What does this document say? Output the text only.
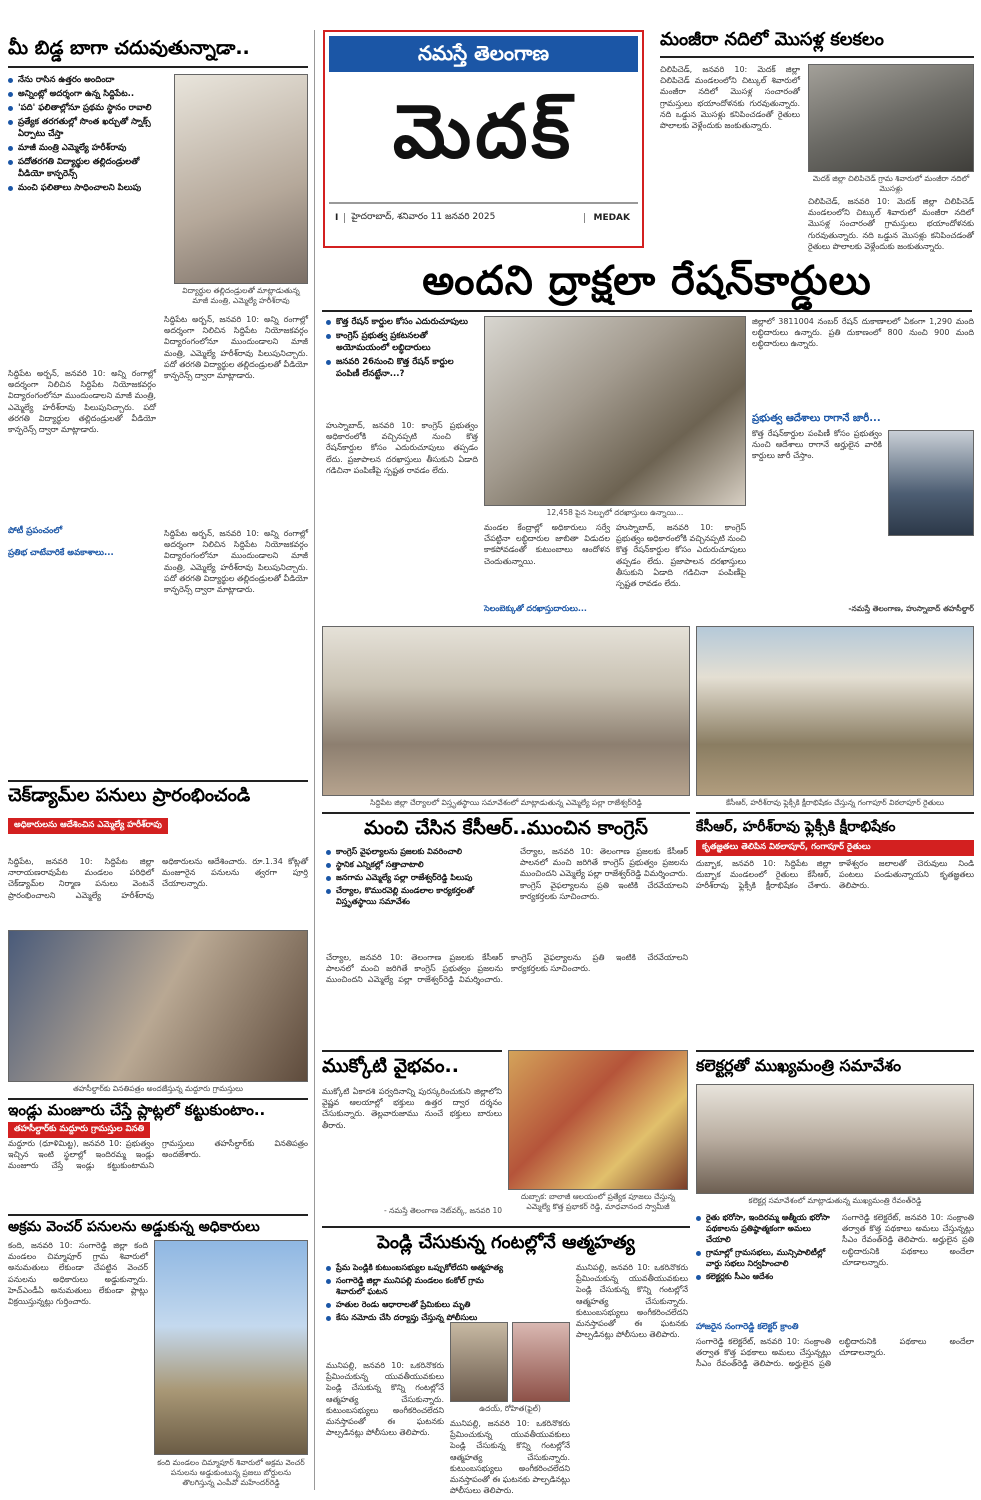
నమస్తే తెలంగాణ
మెదక్
I	హైదరాబాద్, శనివారం 11 జనవరి 2025	MEDAK
మీ బిడ్డ బాగా చదువుతున్నాడా..
నేను రాసిన ఉత్తరం అందిందా
అన్నింట్లో అదర్శంగా ఉన్న సిద్దిపేట..
'పది' ఫలితాల్లోనూ ప్రథమ స్థానం రావాలి
ప్రత్యేక తరగతుల్లో సొంత ఖర్చుతో స్నాక్స్ ఏర్పాటు చేస్తా
మాజీ మంత్రి ఎమ్మెల్యే హరీశ్‌రావు
పదోతరగతి విద్యార్థుల తల్లిదండ్రులతో వీడియో కాన్ఫరెన్స్
మంచి ఫలితాలు సాధించాలని పిలుపు
విద్యార్థుల తల్లిదండ్రులతో మాట్లాడుతున్న మాజీ మంత్రి, ఎమ్మెల్యే హరీశ్‌రావు
సిద్దిపేట అర్బన్, జనవరి 10: అన్ని రంగాల్లో అదర్శంగా నిలిచిన సిద్దిపేట నియోజకవర్గం విద్యారంగంలోనూ ముందుండాలని మాజీ మంత్రి, ఎమ్మెల్యే హరీశ్‌రావు పిలుపునిచ్చారు. పదో తరగతి విద్యార్థుల తల్లిదండ్రులతో వీడియో కాన్ఫరెన్స్ ద్వారా మాట్లాడారు.
పోటీ ప్రపంచంలో
ప్రతిభ చాటేవారికే అవకాశాలు...
సిద్దిపేట అర్బన్, జనవరి 10: అన్ని రంగాల్లో అదర్శంగా నిలిచిన సిద్దిపేట నియోజకవర్గం విద్యారంగంలోనూ ముందుండాలని మాజీ మంత్రి, ఎమ్మెల్యే హరీశ్‌రావు పిలుపునిచ్చారు. పదో తరగతి విద్యార్థుల తల్లిదండ్రులతో వీడియో కాన్ఫరెన్స్ ద్వారా మాట్లాడారు.
సిద్దిపేట అర్బన్, జనవరి 10: అన్ని రంగాల్లో అదర్శంగా నిలిచిన సిద్దిపేట నియోజకవర్గం విద్యారంగంలోనూ ముందుండాలని మాజీ మంత్రి, ఎమ్మెల్యే హరీశ్‌రావు పిలుపునిచ్చారు. పదో తరగతి విద్యార్థుల తల్లిదండ్రులతో వీడియో కాన్ఫరెన్స్ ద్వారా మాట్లాడారు.
చెక్‌డ్యామ్‌ల పనులు ప్రారంభించండి
అధికారులను ఆదేశించిన ఎమ్మెల్యే హరీశ్‌రావు
సిద్దిపేట, జనవరి 10: సిద్దిపేట జిల్లా నారాయణరావుపేట మండలం పరిధిలో చెక్‌డ్యామ్‌ల నిర్మాణ పనులు వెంటనే ప్రారంభించాలని ఎమ్మెల్యే హరీశ్‌రావు అధికారులను ఆదేశించారు. రూ.1.34 కోట్లతో మంజూరైన పనులను త్వరగా పూర్తి చేయాలన్నారు.
తహసీల్దార్‌కు వినతిపత్రం అందజేస్తున్న మద్దూరు గ్రామస్తులు
ఇండ్లు మంజూరు చేస్తే ప్లాట్లలో కట్టుకుంటాం..
తహసీల్దార్‌కు మద్దూరు గ్రామస్తుల వినతి
మద్దూరు (ధూళిమిట్ట), జనవరి 10: ప్రభుత్వం ఇచ్చిన ఇంటి స్థలాల్లో ఇందిరమ్మ ఇండ్లు మంజూరు చేస్తే ఇండ్లు కట్టుకుంటామని గ్రామస్తులు తహసీల్దార్‌కు వినతిపత్రం అందజేశారు.
అక్రమ వెంచర్ పనులను అడ్డుకున్న అధికారులు
కంది, జనవరి 10: సంగారెడ్డి జిల్లా కంది మండలం చిమ్మాపూర్ గ్రామ శివారులో అనుమతులు లేకుండా చేపట్టిన వెంచర్ పనులను అధికారులు అడ్డుకున్నారు. హెచ్ఎండీఏ అనుమతులు లేకుండా ప్లాట్లు విక్రయిస్తున్నట్లు గుర్తించారు.
కంది మండలం చిమ్మాపూర్ శివారులో అక్రమ వెంచర్ పనులను అడ్డుకుంటున్న ప్రజలు బోర్డులను తొలగిస్తున్న ఎంపీవో మహేందర్‌రెడ్డి
అందని ద్రాక్షలా రేషన్‌కార్డులు
కొత్త రేషన్ కార్డుల కోసం ఎదురుచూపులు
కాంగ్రెస్ ప్రభుత్వ ప్రకటనలతో అయోమయంలో లబ్ధిదారులు
జనవరి 26నుంచి కొత్త రేషన్ కార్డుల పంపిణీ లేనట్టేనా...?
హుస్నాబాద్, జనవరి 10: కాంగ్రెస్ ప్రభుత్వం అధికారంలోకి వచ్చినప్పటి నుంచి కొత్త రేషన్‌కార్డుల కోసం ఎదురుచూపులు తప్పడం లేదు. ప్రజాపాలన దరఖాస్తులు తీసుకుని ఏడాది గడిచినా పంపిణీపై స్పష్టత రావడం లేదు.
12,458 పైన సెల్ఫులో దరఖాస్తులు ఉన్నాయి...
మండల కేంద్రాల్లో అధికారులు సర్వే చేపట్టినా లబ్ధిదారుల జాబితా విడుదల కాకపోవడంతో కుటుంబాలు ఆందోళన చెందుతున్నాయి.
సెలంబెక్కుతో దరఖాస్తుదారులు...
హుస్నాబాద్, జనవరి 10: కాంగ్రెస్ ప్రభుత్వం అధికారంలోకి వచ్చినప్పటి నుంచి కొత్త రేషన్‌కార్డుల కోసం ఎదురుచూపులు తప్పడం లేదు. ప్రజాపాలన దరఖాస్తులు తీసుకుని ఏడాది గడిచినా పంపిణీపై స్పష్టత రావడం లేదు.
జిల్లాలో 3811004 నంబర్ రేషన్ దుకాణాలలో ఏకంగా 1,290 మంది లబ్ధిదారులు ఉన్నారు. ప్రతి దుకాణంలో 800 నుంచి 900 మంది లబ్ధిదారులు ఉన్నారు.
ప్రభుత్వ ఆదేశాలు రాగానే జారీ...
కొత్త రేషన్‌కార్డుల పంపిణీ కోసం ప్రభుత్వం నుంచి ఆదేశాలు రాగానే అర్హులైన వారికి కార్డులు జారీ చేస్తాం.
-నమస్తే తెలంగాణ, హుస్నాబాద్ తహసీల్దార్
మంజీరా నదిలో మొసళ్ల కలకలం
చిలిపిచెడ్, జనవరి 10: మెదక్ జిల్లా చిలిపిచెడ్ మండలంలోని చిట్కుల్ శివారులో మంజీరా నదిలో మొసళ్ల సంచారంతో గ్రామస్తులు భయాందోళనకు గురవుతున్నారు. నది ఒడ్డున మొసళ్లు కనిపించడంతో రైతులు పొలాలకు వెళ్లేందుకు జంకుతున్నారు.
మెదక్ జిల్లా చిలిపిచెడ్ గ్రామ శివారులో మంజీరా నదిలో మొసళ్లు
చిలిపిచెడ్, జనవరి 10: మెదక్ జిల్లా చిలిపిచెడ్ మండలంలోని చిట్కుల్ శివారులో మంజీరా నదిలో మొసళ్ల సంచారంతో గ్రామస్తులు భయాందోళనకు గురవుతున్నారు. నది ఒడ్డున మొసళ్లు కనిపించడంతో రైతులు పొలాలకు వెళ్లేందుకు జంకుతున్నారు.
సిద్దిపేట జిల్లా చేర్యాలలో విస్తృతస్థాయి సమావేశంలో మాట్లాడుతున్న ఎమ్మెల్యే పల్లా రాజేశ్వర్‌రెడ్డి	కేసీఆర్, హరీశ్‌రావు ఫ్లెక్సీకి క్షీరాభిషేకం చేస్తున్న గంగాపూర్ విఠలాపూర్ రైతులు
మంచి చేసిన కేసీఆర్..ముంచిన కాంగ్రెస్
కాంగ్రెస్ వైఫల్యాలను ప్రజలకు వివరించాలి
స్థానిక ఎన్నికల్లో సత్తాచాటాలి
జనగామ ఎమ్మెల్యే పల్లా రాజేశ్వర్‌రెడ్డి పిలుపు
చేర్యాల, కొమురవెల్లి మండలాల కార్యకర్తలతో విస్తృతస్థాయి సమావేశం
చేర్యాల, జనవరి 10: తెలంగాణ ప్రజలకు కేసీఆర్ పాలనలో మంచి జరిగితే కాంగ్రెస్ ప్రభుత్వం ప్రజలను ముంచిందని ఎమ్మెల్యే పల్లా రాజేశ్వర్‌రెడ్డి విమర్శించారు. కాంగ్రెస్ వైఫల్యాలను ప్రతి ఇంటికి చేరవేయాలని కార్యకర్తలకు సూచించారు.
చేర్యాల, జనవరి 10: తెలంగాణ ప్రజలకు కేసీఆర్ పాలనలో మంచి జరిగితే కాంగ్రెస్ ప్రభుత్వం ప్రజలను ముంచిందని ఎమ్మెల్యే పల్లా రాజేశ్వర్‌రెడ్డి విమర్శించారు. కాంగ్రెస్ వైఫల్యాలను ప్రతి ఇంటికి చేరవేయాలని కార్యకర్తలకు సూచించారు.
కేసీఆర్, హరీశ్‌రావు ఫ్లెక్సీకి క్షీరాభిషేకం
కృతజ్ఞతలు తెలిపిన విఠలాపూర్, గంగాపూర్ రైతులు
దుబ్బాక, జనవరి 10: సిద్దిపేట జిల్లా దుబ్బాక మండలంలో రైతులు కేసీఆర్, హరీశ్‌రావు ఫ్లెక్సీకి క్షీరాభిషేకం చేశారు. కాళేశ్వరం జలాలతో చెరువులు నిండి పంటలు పండుతున్నాయని కృతజ్ఞతలు తెలిపారు.
ముక్కోటి వైభవం..
ముక్కోటి ఏకాదశి పర్వదినాన్ని పురస్కరించుకుని జిల్లాలోని వైష్ణవ ఆలయాల్లో భక్తులు ఉత్తర ద్వార దర్శనం చేసుకున్నారు. తెల్లవారుజాము నుంచే భక్తులు బారులు తీరారు.
- నమస్తే తెలంగాణ నెట్‌వర్క్, జనవరి 10
దుబ్బాక: బాలాజీ ఆలయంలో ప్రత్యేక పూజలు చేస్తున్న ఎమ్మెల్యే కొత్త ప్రభాకర్ రెడ్డి, మాధవానంద స్వామీజీ
కలెక్టర్లతో ముఖ్యమంత్రి సమావేశం
కలెక్టర్ల సమావేశంలో మాట్లాడుతున్న ముఖ్యమంత్రి రేవంత్‌రెడ్డి
రైతు భరోసా, ఇందిరమ్మ ఆత్మీయ భరోసా పథకాలను ప్రతిష్ఠాత్మకంగా అమలు చేయాలి
గ్రామాల్లో గ్రామసభలు, మున్సిపాలిటీల్లో వార్డు సభలు నిర్వహించాలి
కలెక్టర్లకు సీఎం ఆదేశం
సంగారెడ్డి కలెక్టరేట్, జనవరి 10: సంక్రాంతి తర్వాత కొత్త పథకాలు అమలు చేస్తున్నట్లు సీఎం రేవంత్‌రెడ్డి తెలిపారు. అర్హులైన ప్రతి లబ్ధిదారునికి పథకాలు అందేలా చూడాలన్నారు.
హాజరైన సంగారెడ్డి కలెక్టర్ క్రాంతి
సంగారెడ్డి కలెక్టరేట్, జనవరి 10: సంక్రాంతి తర్వాత కొత్త పథకాలు అమలు చేస్తున్నట్లు సీఎం రేవంత్‌రెడ్డి తెలిపారు. అర్హులైన ప్రతి లబ్ధిదారునికి పథకాలు అందేలా చూడాలన్నారు.
పెండ్లి చేసుకున్న గంటల్లోనే ఆత్మహత్య
ప్రేమ పెండ్లికి కుటుంబసభ్యుల ఒప్పుకోలేదని ఆత్మహత్య
సంగారెడ్డి జిల్లా మునిపల్లి మండలం కంకోల్ గ్రామ శివారులో ఘటన
హతుల రెండు ఆధారాలతో ప్రేమికులు మృతి
కేసు నమోదు చేసి దర్యాప్తు చేస్తున్న పోలీసులు
మునిపల్లి, జనవరి 10: ఒకరినొకరు ప్రేమించుకున్న యువతీయువకులు పెండ్లి చేసుకున్న కొన్ని గంటల్లోనే ఆత్మహత్య చేసుకున్నారు. కుటుంబసభ్యులు అంగీకరించలేదని మనస్తాపంతో ఈ ఘటనకు పాల్పడినట్లు పోలీసులు తెలిపారు.
ఉదయ్, రోహిత(ఫైల్)
మునిపల్లి, జనవరి 10: ఒకరినొకరు ప్రేమించుకున్న యువతీయువకులు పెండ్లి చేసుకున్న కొన్ని గంటల్లోనే ఆత్మహత్య చేసుకున్నారు. కుటుంబసభ్యులు అంగీకరించలేదని మనస్తాపంతో ఈ ఘటనకు పాల్పడినట్లు పోలీసులు తెలిపారు.
మునిపల్లి, జనవరి 10: ఒకరినొకరు ప్రేమించుకున్న యువతీయువకులు పెండ్లి చేసుకున్న కొన్ని గంటల్లోనే ఆత్మహత్య చేసుకున్నారు. కుటుంబసభ్యులు అంగీకరించలేదని మనస్తాపంతో ఈ ఘటనకు పాల్పడినట్లు పోలీసులు తెలిపారు.
